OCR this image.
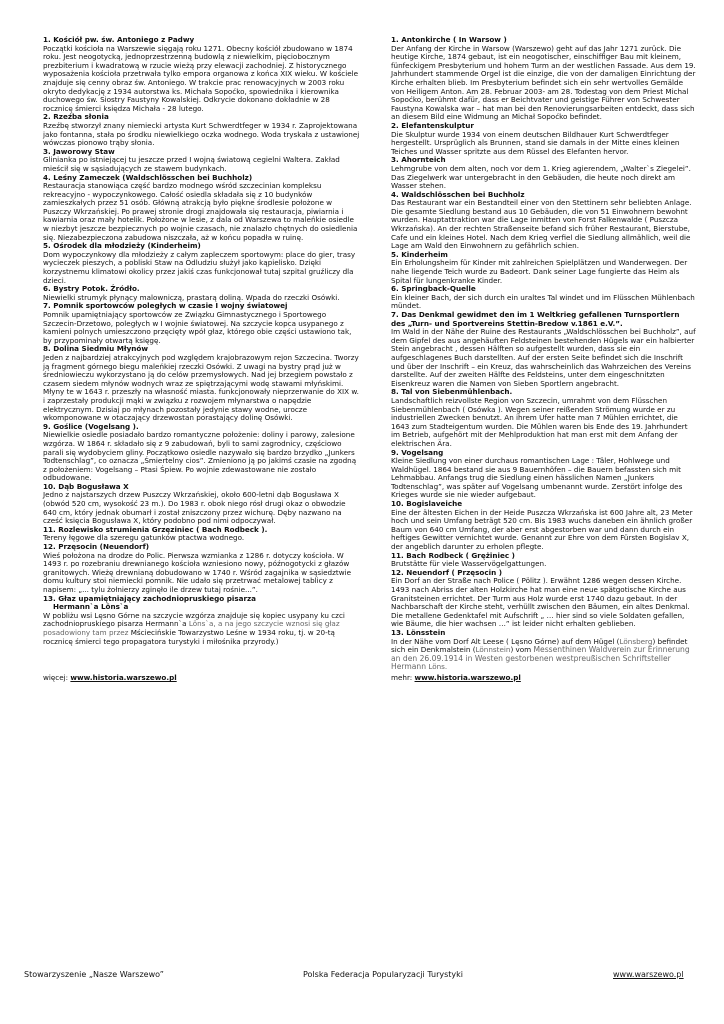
1. Kościół pw. św. Antoniego z Padwy
Początki kościoła na Warszewie sięgają roku 1271. Obecny kościół zbudowano w 1874 roku. Jest neogotycką, jednoprzestrzenną budowlą z niewielkim, pięciobocznym prezbiterium i kwadratową w rzucie wieżą przy elewacji zachodniej. Z historycznego wyposażenia kościoła przetrwała tylko empora organowa z końca XIX wieku. W kościele znajduje się cenny obraz św. Antoniego. W trakcie prac renowacyjnych w 2003 roku okryto dedykację z 1934 autorstwa ks. Michała Sopoćko, spowiednika i kierownika duchowego św. Siostry Faustyny Kowalskiej. Odkrycie dokonano dokładnie w 28 rocznicę śmierci księdza Michała - 28 lutego.
2. Rzeźba słonia
Rzeźbę stworzył znany niemiecki artysta Kurt Schwerdtfeger w 1934 r. Zaprojektowana jako fontanna, stała po środku niewielkiego oczka wodnego. Woda tryskała z ustawionej wówczas pionowo trąby słonia.
3. Jaworowy Staw
Glinianka po istniejącej tu jeszcze przed I wojną światową cegielni Waltera. Zakład mieścił się w sąsiadujących ze stawem budynkach.
4. Leśny Zameczek (Waldschlösschen bei Buchholz)
Restauracja stanowiąca część bardzo modnego wśród szczecinian kompleksu rekreacyjno - wypoczynkowego. Całość osiedla składała się z 10 budynków zamieszkałych przez 51 osób. Główną atrakcją było piękne środlesie położone w Puszczy Wkrzańskiej. Po prawej stronie drogi znajdowała się restauracja, piwiarnia i kawiarnia oraz mały hotelik. Położone w lesie, z dala od Warszewa to maleńkie osiedle w niezbyt jeszcze bezpiecznych po wojnie czasach, nie znalazło chętnych do osiedlenia się. Niezabezpieczona zabudowa niszczała, aż w końcu popadła w ruinę.
5. Ośrodek dla młodzieży (Kinderheim)
Dom wypoczynkowy dla młodzieży z całym zapleczem sportowym: place do gier, trasy wycieczek pieszych, a pobliski Staw na Odludziu służył jako kąpielisko. Dzięki korzystnemu klimatowi okolicy przez jakiś czas funkcjonował tutaj szpital gruźliczy dla dzieci.
6. Bystry Potok. Źródło.
Niewielki strumyk płynący malowniczą, prastarą doliną. Wpada do rzeczki Osówki.
7. Pomnik sportowców poległych w czasie I wojny światowej
Pomnik upamiętniający sportowców ze Związku Gimnastycznego i Sportowego Szczecin-Drzetowo, poległych w I wojnie światowej. Na szczycie kopca usypanego z kamieni polnych umieszczono przęcięty wpół głaz, którego obie części ustawiono tak, by przypominały otwartą księgę.
8. Dolina Siedmiu Młynów
Jeden z najbardziej atrakcyjnych pod względem krajobrazowym rejon Szczecina. Tworzy ją fragment górnego biegu maleńkiej rzeczki Osówki. Z uwagi na bystry prąd już w średniowieczu wykorzystano ją do celów przemysłowych. Nad jej brzegiem powstało z czasem siedem młynów wodnych wraz ze spiętrzającymi wodę stawami młyńskimi. Młyny te w 1643 r. przeszły na własność miasta. funkcjonowały nieprzerwanie do XIX w. i zaprzestały produkcji mąki w związku z rozwojem młynarstwa o napędzie elektrycznym. Dzisiaj po młynach pozostały jedynie stawy wodne, urocze wkomponowane w otaczający drzewostan porastający dolinę Osówki.
9. Goślice (Vogelsang ).
Niewielkie osiedle posiadało bardzo romantyczne położenie: doliny i parowy, zalesione wzgórza. W 1864 r. składało się z 9 zabudowań, byli to sami zagrodnicy, częściowo parali się wydobyciem gliny. Początkowo osiedle nazywało się bardzo brzydko „Junkers Todtenschlag”, co oznacza „Śmiertelny cios”. Zmieniono ją po jakimś czasie na zgodną z położeniem: Vogelsang – Ptasi Śpiew. Po wojnie zdewastowane nie zostało odbudowane.
10. Dąb Bogusława X
Jedno z najstarszych drzew Puszczy Wkrzańskiej, około 600-letni dąb Bogusława X (obwód 520 cm, wysokość 23 m.). Do 1983 r. obok niego rósł drugi okaz o obwodzie 640 cm, który jednak obumarł i został zniszczony przez wichurę. Dęby nazwano na cześć księcia Bogusława X, który podobno pod nimi odpoczywał.
11. Rozlewisko strumienia Grzęziniec ( Bach Rodbeck ).
Tereny łęgowe dla szeregu gatunków ptactwa wodnego.
12. Przęsocin (Neuendorf)
Wieś położona na drodze do Polic. Pierwsza wzmianka z 1286 r. dotyczy kościoła. W 1493 r. po rozebraniu drewnianego kościoła wzniesiono nowy, późnogotycki z głazów granitowych. Wieżę drewnianą dobudowano w 1740 r. Wśród zagajnika w sąsiedztwie domu kultury stoi niemiecki pomnik. Nie udało się przetrwać metalowej tablicy z napisem: „... tylu żołnierzy zginęło ile drzew tutaj rośnie...”.
13. Głaz upamiętniający zachodniopruskiego pisarza
Hermann`a Löns`a
W pobliżu wsi Lęsno Górne na szczycie wzgórza znajduje się kopiec usypany ku czci zachodniopruskiego pisarza Hermann`a Löns`a, a na jego szczycie wznosi się głaz posadowiony tam przez Mściecińskie Towarzystwo Leśne w 1934 roku, tj. w 20-tą rocznicę śmierci tego propagatora turystyki i miłośnika przyrody.)
więcej: www.historia.warszewo.pl
1. Antonkirche ( In Warsow )
Der Anfang der Kirche in Warsow (Warszewo) geht auf das Jahr 1271 zurück. Die heutige Kirche, 1874 gebaut, ist ein neogotischer, einschiffiger Bau mit kleinem, fünfeckigem Presbyterium und hohem Turm an der westlichen Fassade. Aus dem 19. Jahrhundert stammende Orgel ist die einzige, die von der damaligen Einrichtung der Kirche erhalten blieb. Im Presbyterium befindet sich ein sehr wertvolles Gemälde von Heiligem Anton. Am 28. Februar 2003- am 28. Todestag von dem Priest Michal Sopoćko, berühmt dafür, dass er Beichtvater und geistige Führer von Schwester Faustyna Kowalska war – hat man bei den Renovierungsarbeiten entdeckt, dass sich an diesem Bild eine Widmung an Michał Sopoćko befindet.
2. Elefantenskulptur
Die Skulptur wurde 1934 von einem deutschen Bildhauer Kurt Schwerdtfeger hergestellt. Ursprüglich als Brunnen, stand sie damals in der Mitte eines kleinen Teiches und Wasser spritzte aus dem Rüssel des Elefanten hervor.
3. Ahornteich
Lehmgrube von dem alten, noch vor dem 1. Krieg agierendem, „Walter`s Ziegelei”. Das Ziegelwerk war untergebracht in den Gebäuden, die heute noch direkt am Wasser stehen.
4. Waldschlösschen bei Buchholz
Das Restaurant war ein Bestandteil einer von den Stettinern sehr beliebten Anlage. Die gesamte Siedlung bestand aus 10 Gebäuden, die von 51 Einwohnern bewohnt wurden. Hauptattraktion war die Lage inmitten von Forst Falkenwalde ( Puszcza Wkrzańska). An der rechten Straßenseite befand sich früher Restaurant, Bierstube, Cafe und ein kleines Hotel. Nach dem Krieg verfiel die Siedlung allmählich, weil die Lage am Wald den Einwohnern zu gefährlich schien.
5. Kinderheim
Ein Erholungsheim für Kinder mit zahlreichen Spielplätzen und Wanderwegen. Der nahe liegende Teich wurde zu Badeort. Dank seiner Lage fungierte das Heim als Spital für lungenkranke Kinder.
6. Springback-Quelle
Ein kleiner Bach, der sich durch ein uraltes Tal windet und im Flüsschen Mühlenbach mündet.
7. Das Denkmal gewidmet den im 1 Weltkrieg gefallenen Turnsportlern des „Turn- und Sportvereins Stettin-Bredow v.1861 e.V.”.
Im Wald in der Nähe der Ruine des Restaurants „Waldschlösschen bei Buchholz”, auf dem Gipfel des aus angehäuften Feldsteinen bestehenden Hügels war ein halbierter Stein angebracht , dessen Hälften so aufgestellt wurden, dass sie ein aufgeschlagenes Buch darstellten. Auf der ersten Seite befindet sich die Inschrift und über der Inschrift – ein Kreuz, das wahrscheinlich das Wahrzeichen des Vereins darstellte. Auf der zweiten Hälfte des Feldsteins, unter dem eingeschnitzten Eisenkreuz waren die Namen von Sieben Sportlern angebracht.
8. Tal von Siebenmühlenbach.
Landschaftlich reizvollste Region von Szczecin, umrahmt von dem Flüsschen Siebenmühlenbach ( Osówka ). Wegen seiner reißenden Strömung wurde er zu industriellen Zwecken benutzt. An ihrem Ufer hatte man 7 Mühlen errichtet, die 1643 zum Stadteigentum wurden. Die Mühlen waren bis Ende des 19. Jahrhundert im Betrieb, aufgehört mit der Mehlproduktion hat man erst mit dem Anfang der elektrischen Ära.
9. Vogelsang
Kleine Siedlung von einer durchaus romantischen Lage : Täler, Hohlwege und Waldhügel. 1864 bestand sie aus 9 Bauernhöfen – die Bauern befassten sich mit Lehmabbau. Anfangs trug die Siedlung einen hässlichen Namen „Junkers Todtenschlag”, was später auf Vogelsang umbenannt wurde. Zerstört infolge des Krieges wurde sie nie wieder aufgebaut.
10. Bogislaveiche
Eine der ältesten Eichen in der Heide Puszcza Wkrzańska ist 600 Jahre alt, 23 Meter hoch und sein Umfang beträgt 520 cm. Bis 1983 wuchs daneben ein ähnlich großer Baum von 640 cm Umfang, der aber erst abgestorben war und dann durch ein heftiges Gewitter vernichtet wurde. Genannt zur Ehre von dem Fürsten Bogislav X, der angeblich darunter zu erholen pflegte.
11. Bach Rodbeck ( Grężiniec )
Brutstätte für viele Wasservögelgattungen.
12. Neuendorf ( Przęsocin )
Ein Dorf an der Straße nach Police ( Pölitz ). Erwähnt 1286 wegen dessen Kirche. 1493 nach Abriss der alten Holzkirche hat man eine neue spätgotische Kirche aus Granitsteinen errichtet. Der Turm aus Holz wurde erst 1740 dazu gebaut. In der Nachbarschaft der Kirche steht, verhüllt zwischen den Bäumen, ein altes Denkmal. Die metallene Gedenktafel mit Aufschrift „ … hier sind so viele Soldaten gefallen, wie Bäume, die hier wachsen …” ist leider nicht erhalten geblieben.
13. Lönsstein
In der Nähe vom Dorf Alt Leese ( Lęsno Górne) auf dem Hügel (Lönsberg) befindet sich ein Denkmalstein (Lönnstein) vom Messenthinen Waldverein zur Erinnerung an den 26.09.1914 in Westen gestorbenen westpreußischen Schriftsteller Hermann Löns.
mehr: www.historia.warszewo.pl
Stowarzyszenie „Nasze Warszewo”	Polska Federacja Popularyzacji Turystyki	www.warszewo.pl
